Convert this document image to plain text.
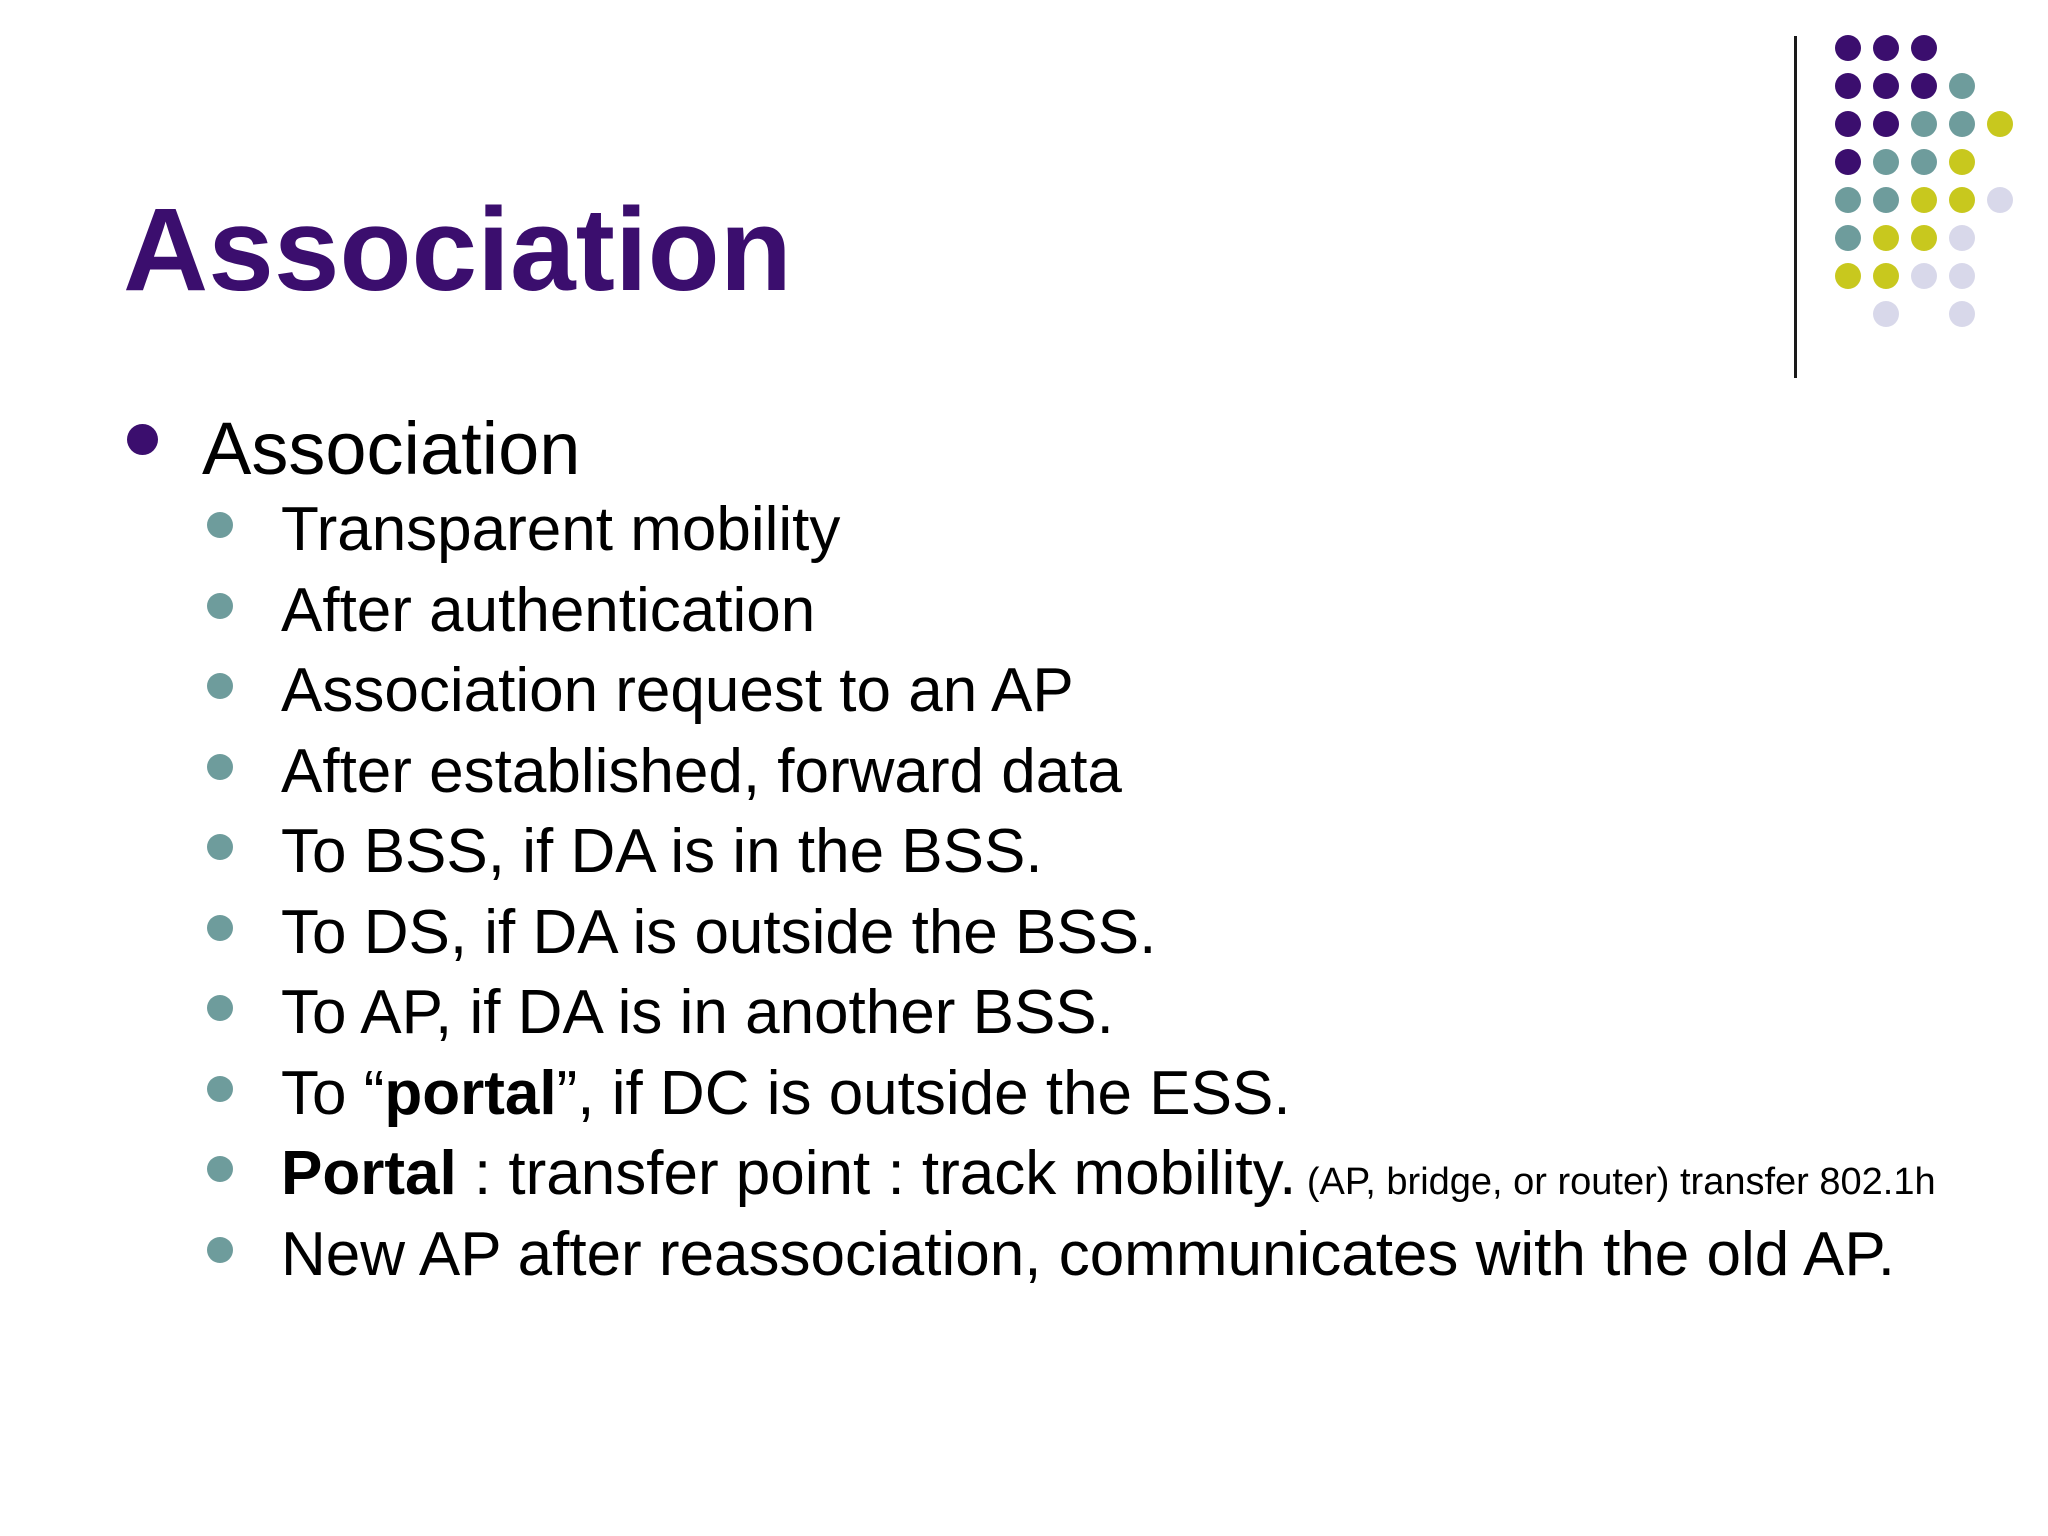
Association
Association
Transparent mobility
After authentication
Association request to an AP
After established, forward data
To BSS, if DA is in the BSS.
To DS, if DA is outside the BSS.
To AP, if DA is in another BSS.
To “portal”, if DC is outside the ESS.
Portal : transfer point : track mobility. (AP, bridge, or router) transfer 802.1h
New AP after reassociation, communicates with the old AP.
